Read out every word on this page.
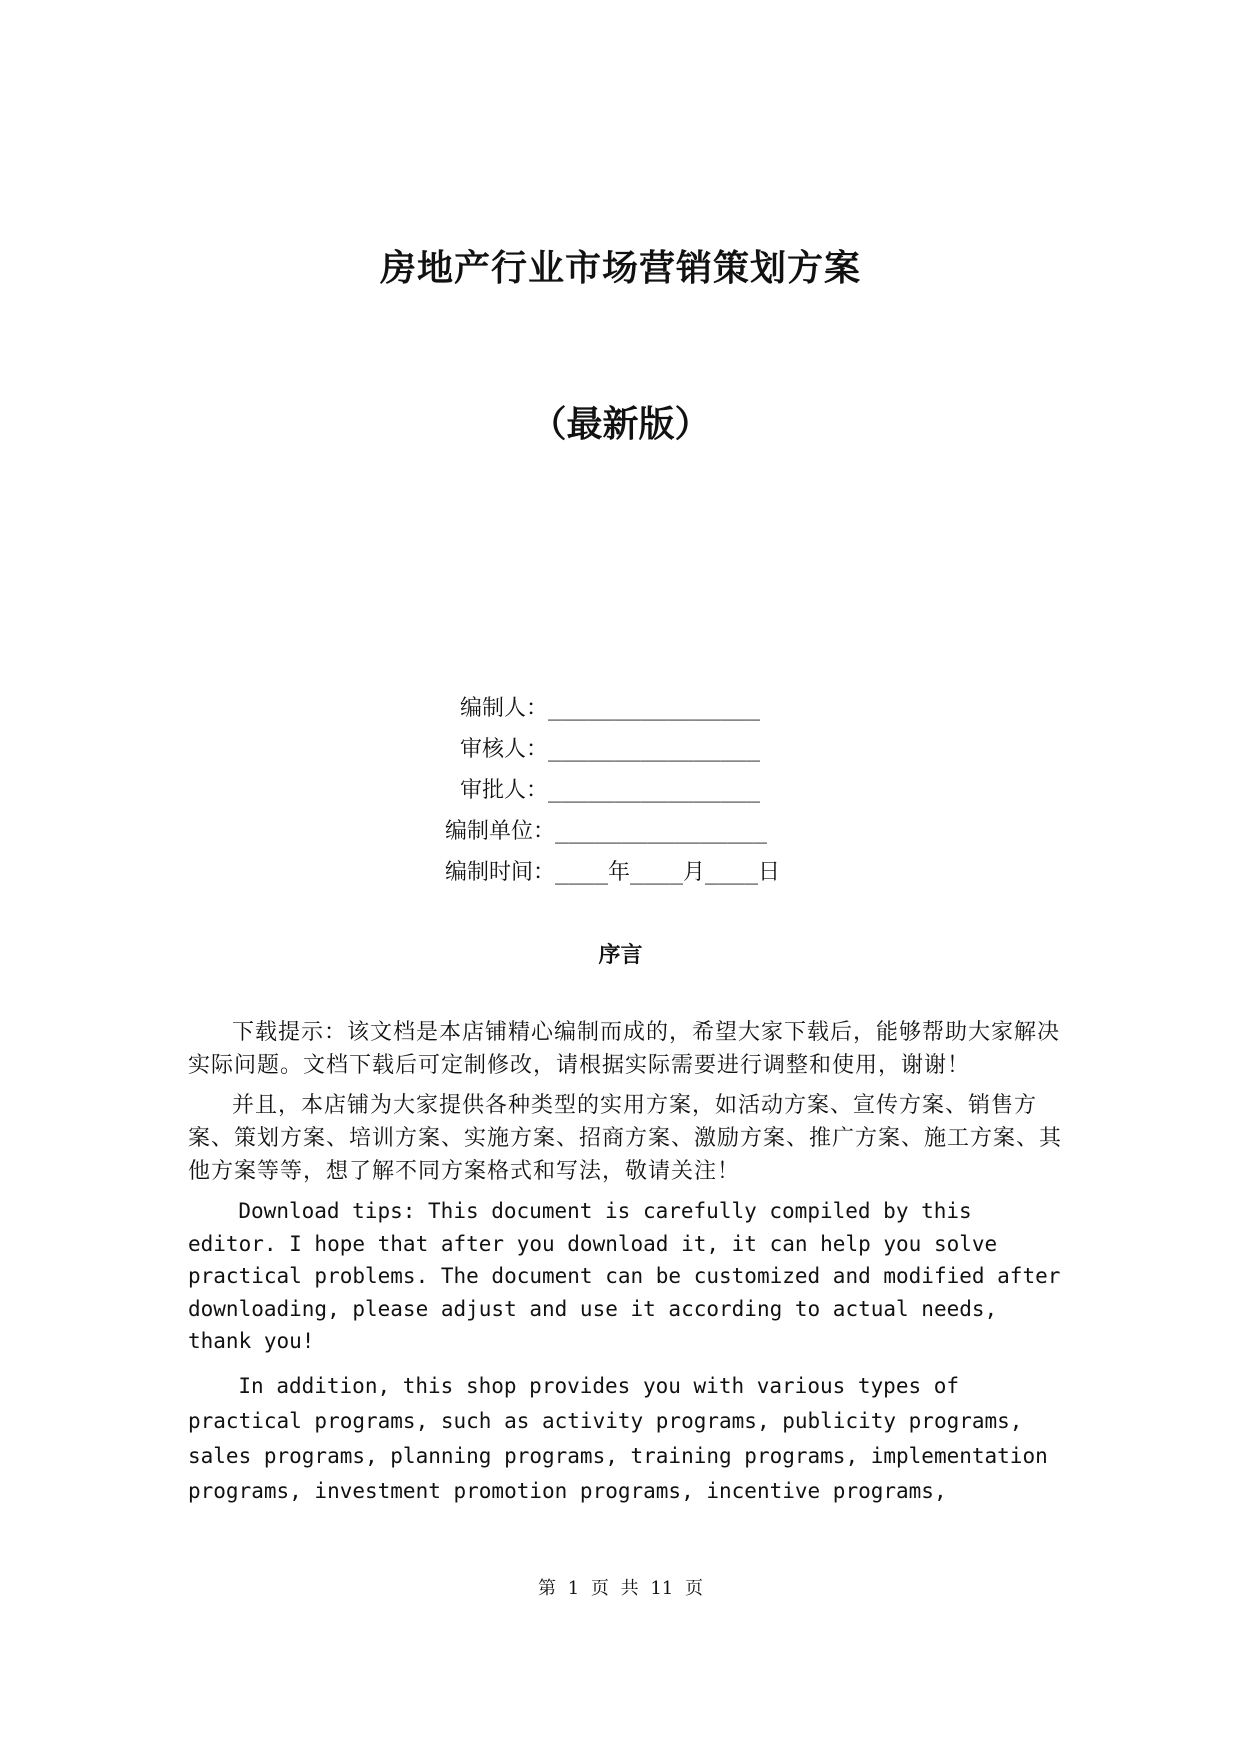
房地产行业市场营销策划方案
（最新版）
编制人：________________
审核人：________________
审批人：________________
编制单位：________________
编制时间：____年____月____日
序言

下载提示：该文档是本店铺精心编制而成的，希望大家下载后，能够帮助大家解决实际问题。文档下载后可定制修改，请根据实际需要进行调整和使用，谢谢！

并且，本店铺为大家提供各种类型的实用方案，如活动方案、宣传方案、销售方案、策划方案、培训方案、实施方案、招商方案、激励方案、推广方案、施工方案、其他方案等等，想了解不同方案格式和写法，敬请关注！

Download tips: This document is carefully compiled by this editor. I hope that after you download it, it can help you solve practical problems. The document can be customized and modified after downloading, please adjust and use it according to actual needs, thank you!

In addition, this shop provides you with various types of practical programs, such as activity programs, publicity programs, sales programs, planning programs, training programs, implementation programs, investment promotion programs, incentive programs,

第 1 页 共 11 页
